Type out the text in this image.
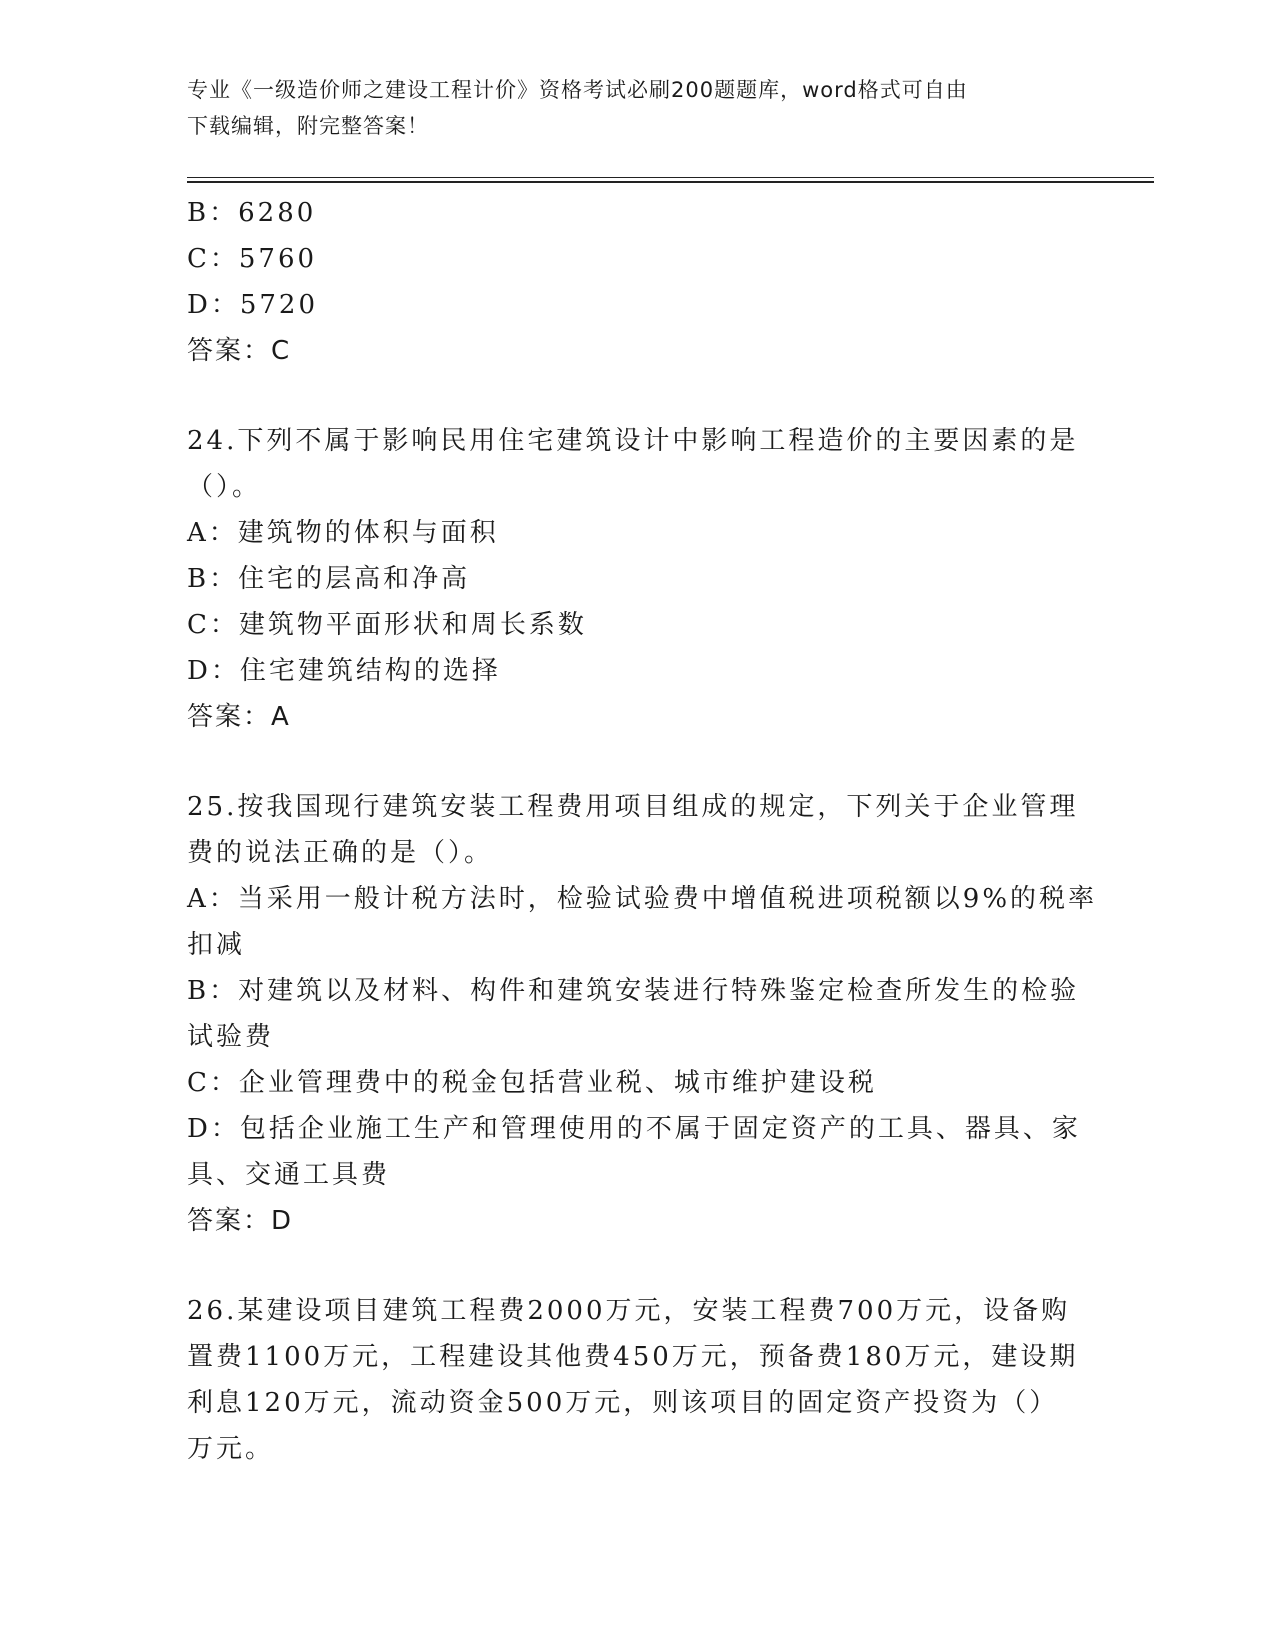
专业《一级造价师之建设工程计价》资格考试必刷200题题库，word格式可自由
下载编辑，附完整答案！
B：6280
C：5760
D：5720
答案：C
24.下列不属于影响民用住宅建筑设计中影响工程造价的主要因素的是
（）。
A：建筑物的体积与面积
B：住宅的层高和净高
C：建筑物平面形状和周长系数
D：住宅建筑结构的选择
答案：A
25.按我国现行建筑安装工程费用项目组成的规定，下列关于企业管理
费的说法正确的是（）。
A：当采用一般计税方法时，检验试验费中增值税进项税额以9%的税率
扣减
B：对建筑以及材料、构件和建筑安装进行特殊鉴定检查所发生的检验
试验费
C：企业管理费中的税金包括营业税、城市维护建设税
D：包括企业施工生产和管理使用的不属于固定资产的工具、器具、家
具、交通工具费
答案：D
26.某建设项目建筑工程费2000万元，安装工程费700万元，设备购
置费1100万元，工程建设其他费450万元，预备费180万元，建设期
利息120万元，流动资金500万元，则该项目的固定资产投资为（）
万元。
